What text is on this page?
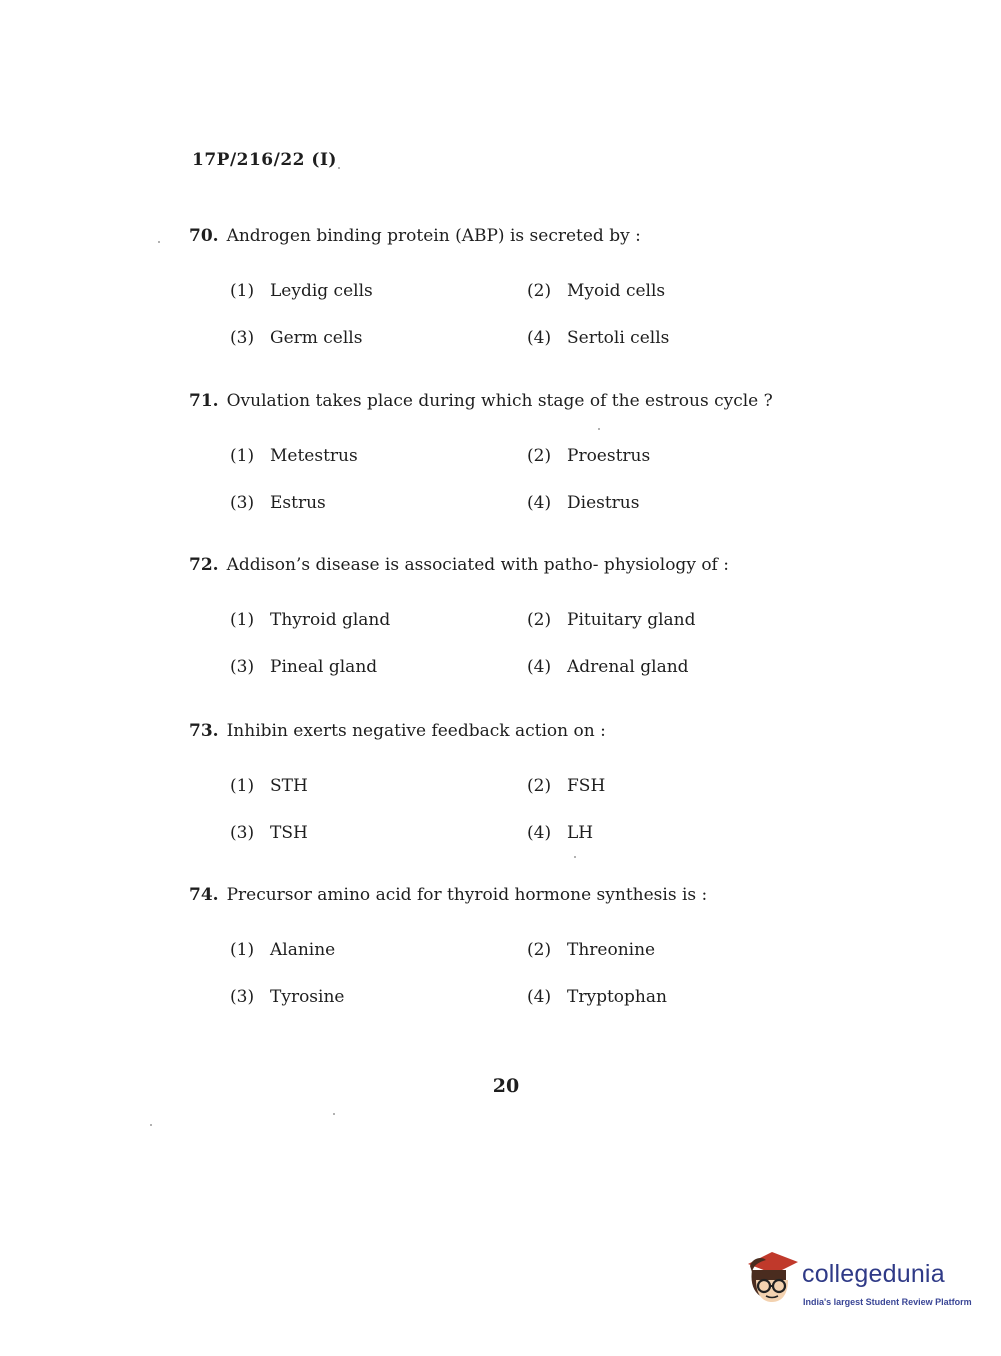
17P/216/22 (I)
70. Androgen binding protein (ABP) is secreted by :
(1) Leydig cells	(2) Myoid cells
(3) Germ cells	(4) Sertoli cells
71. Ovulation takes place during which stage of the estrous cycle ?
(1) Metestrus	(2) Proestrus
(3) Estrus	(4) Diestrus
72. Addison’s disease is associated with patho- physiology of :
(1) Thyroid gland	(2) Pituitary gland
(3) Pineal gland	(4) Adrenal gland
73. Inhibin exerts negative feedback action on :
(1) STH	(2) FSH
(3) TSH	(4) LH
74. Precursor amino acid for thyroid hormone synthesis is :
(1) Alanine	(2) Threonine
(3) Tyrosine	(4) Tryptophan
20
collegedunia
India's largest Student Review Platform
